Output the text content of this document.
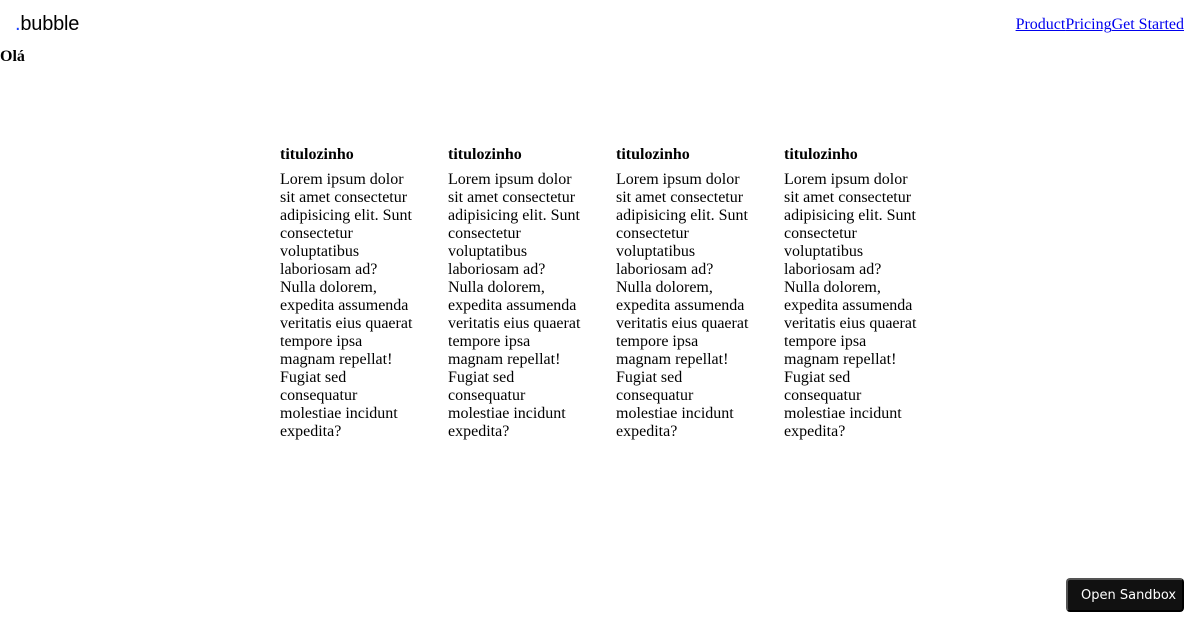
.bubble	ProductPricingGet Started
Olá
titulozinho

Lorem ipsum dolor sit amet consectetur adipisicing elit. Sunt consectetur voluptatibus laboriosam ad? Nulla dolorem, expedita assumenda veritatis eius quaerat tempore ipsa magnam repellat! Fugiat sed consequatur molestiae incidunt expedita?

titulozinho

Lorem ipsum dolor sit amet consectetur adipisicing elit. Sunt consectetur voluptatibus laboriosam ad? Nulla dolorem, expedita assumenda veritatis eius quaerat tempore ipsa magnam repellat! Fugiat sed consequatur molestiae incidunt expedita?

titulozinho

Lorem ipsum dolor sit amet consectetur adipisicing elit. Sunt consectetur voluptatibus laboriosam ad? Nulla dolorem, expedita assumenda veritatis eius quaerat tempore ipsa magnam repellat! Fugiat sed consequatur molestiae incidunt expedita?

titulozinho

Lorem ipsum dolor sit amet consectetur adipisicing elit. Sunt consectetur voluptatibus laboriosam ad? Nulla dolorem, expedita assumenda veritatis eius quaerat tempore ipsa magnam repellat! Fugiat sed consequatur molestiae incidunt expedita?

Open Sandbox
